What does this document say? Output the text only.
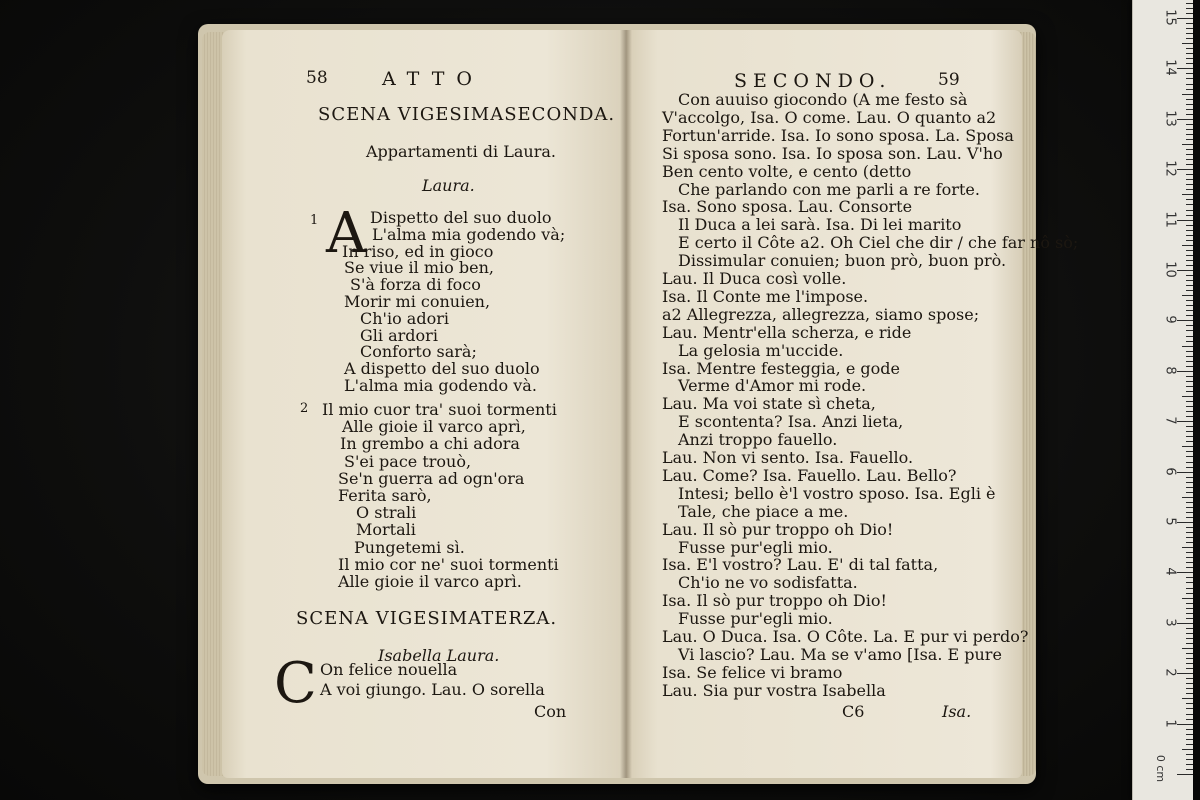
15
14
13
12
11
10
9
8
7
6
5
4
3
2
1
0 cm
58	ATTO
SCENA VIGESIMASECONDA.
Appartamenti di Laura.
Laura.
1 A Dispetto del suo duolo
L'alma mia godendo và;
In riso, ed in gioco
Se viue il mio ben,
S'à forza di foco
Morir mi conuien,
Ch'io adori
Gli ardori
Conforto sarà;
A dispetto del suo duolo
L'alma mia godendo và.
2 Il mio cuor tra' suoi tormenti
Alle gioie il varco aprì,
In grembo a chi adora
S'ei pace trouò,
Se'n guerra ad ogn'ora
Ferita sarò,
O strali
Mortali
Pungetemi sì.
Il mio cor ne' suoi tormenti
Alle gioie il varco aprì.
SCENA VIGESIMATERZA.
Isabella Laura.
C On felice nouella
A voi giungo. Lau. O sorella
Con
SECONDO.	59
Con auuiso giocondo (A me festo sà
V'accolgo, Isa. O come. Lau. O quanto a2
Fortun'arride. Isa. Io sono sposa. La. Sposa
Si sposa sono. Isa. Io sposa son. Lau. V'ho
Ben cento volte, e cento (detto
Che parlando con me parli a re forte.
Isa. Sono sposa. Lau. Consorte
Il Duca a lei sarà. Isa. Di lei marito
E certo il Côte a2. Oh Ciel che dir / che far nô sò;
Dissimular conuien; buon prò, buon prò.
Lau. Il Duca così volle.
Isa. Il Conte me l'impose.
a2 Allegrezza, allegrezza, siamo spose;
Lau. Mentr'ella scherza, e ride
La gelosia m'uccide.
Isa. Mentre festeggia, e gode
Verme d'Amor mi rode.
Lau. Ma voi state sì cheta,
E scontenta? Isa. Anzi lieta,
Anzi troppo fauello.
Lau. Non vi sento. Isa. Fauello.
Lau. Come? Isa. Fauello. Lau. Bello?
Intesi; bello è'l vostro sposo. Isa. Egli è
Tale, che piace a me.
Lau. Il sò pur troppo oh Dio!
Fusse pur'egli mio.
Isa. E'l vostro? Lau. E' di tal fatta,
Ch'io ne vo sodisfatta.
Isa. Il sò pur troppo oh Dio!
Fusse pur'egli mio.
Lau. O Duca. Isa. O Côte. La. E pur vi perdo?
Vi lascio? Lau. Ma se v'amo [Isa. E pure
Isa. Se felice vi bramo
Lau. Sia pur vostra Isabella
C6	Isa.
